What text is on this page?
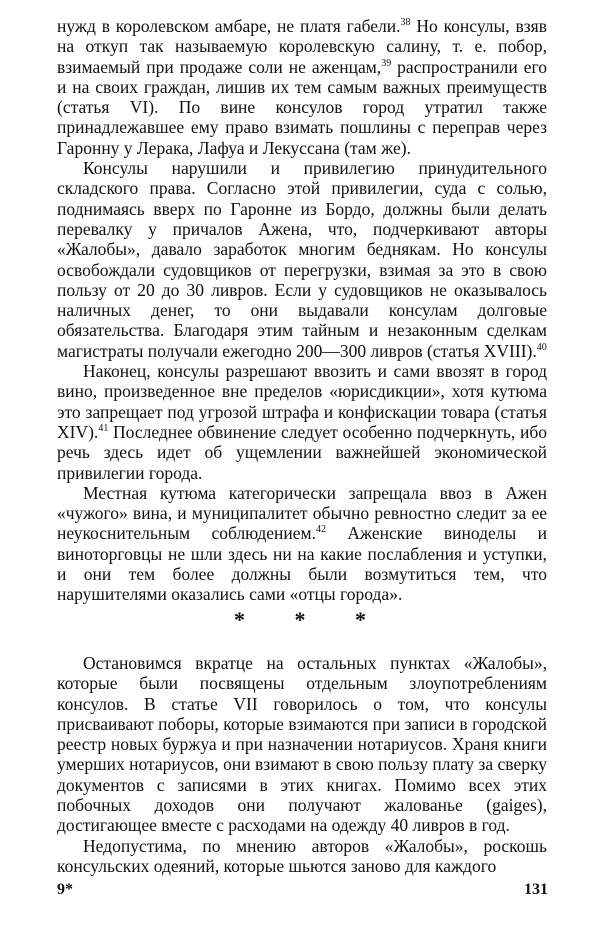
нужд в королевском амбаре, не платя габели.$^{38}$ Но консулы, взяв на откуп так называемую королевскую салину, т. е. побор, взимаемый при продаже соли не аженцам,$^{39}$ распространили его и на своих граждан, лишив их тем самым важных преимуществ (статья VI). По вине консулов город утратил также принадлежавшее ему право взимать пошлины с переправ через Гаронну у Лерака, Лафуа и Лекуссана (там же).

Консулы нарушили и привилегию принудительного складского права. Согласно этой привилегии, суда с солью, поднимаясь вверх по Гаронне из Бордо, должны были делать перевалку у причалов Ажена, что, подчеркивают авторы «Жалобы», давало заработок многим беднякам. Но консулы освобождали судовщиков от перегрузки, взимая за это в свою пользу от 20 до 30 ливров. Если у судовщиков не оказывалось наличных денег, то они выдавали консулам долговые обязательства. Благодаря этим тайным и незаконным сделкам магистраты получали ежегодно 200—300 ливров (статья XVIII).$^{40}$

Наконец, консулы разрешают ввозить и сами ввозят в город вино, произведенное вне пределов «юрисдикции», хотя кутюма это запрещает под угрозой штрафа и конфискации товара (статья XIV).$^{41}$ Последнее обвинение следует особенно подчеркнуть, ибо речь здесь идет об ущемлении важнейшей экономической привилегии города.

Местная кутюма категорически запрещала ввоз в Ажен «чужого» вина, и муниципалитет обычно ревностно следит за ее неукоснительным соблюдением.$^{42}$ Аженские виноделы и виноторговцы не шли здесь ни на какие послабления и уступки, и они тем более должны были возмутиться тем, что нарушителями оказались сами «отцы города».

* * *

Остановимся вкратце на остальных пунктах «Жалобы», которые были посвящены отдельным злоупотреблениям консулов. В статье VII говорилось о том, что консулы присваивают поборы, которые взимаются при записи в городской реестр новых буржуа и при назначении нотариусов. Храня книги умерших нотариусов, они взимают в свою пользу плату за сверку документов с записями в этих книгах. Помимо всех этих побочных доходов они получают жалованье (gaiges), достигающее вместе с расходами на одежду 40 ливров в год.

Недопустима, по мнению авторов «Жалобы», роскошь консульских одеяний, которые шьются заново для каждого

9*	131
